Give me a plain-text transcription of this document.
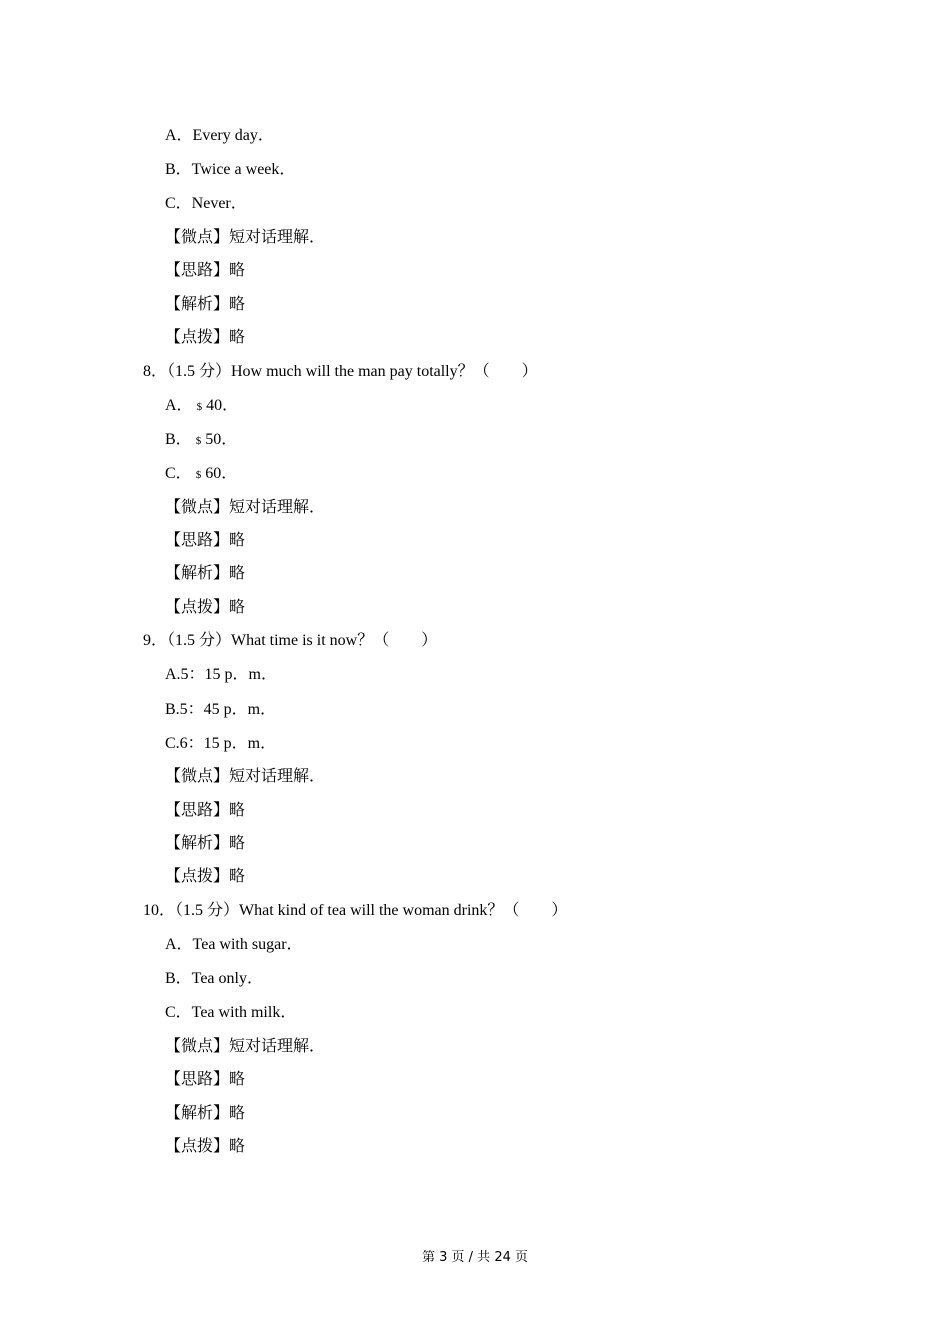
A．Every day．
B．Twice a week．
C．Never．
【微点】短对话理解．
【思路】略
【解析】略
【点拨】略
8．（1.5 分）How much will the man pay totally？（　　）
A． $ 40．
B． $ 50．
C． $ 60．
【微点】短对话理解．
【思路】略
【解析】略
【点拨】略
9．（1.5 分）What time is it now？（　　）
A.5：15 p．m．
B.5：45 p．m．
C.6：15 p．m．
【微点】短对话理解．
【思路】略
【解析】略
【点拨】略
10．（1.5 分）What kind of tea will the woman drink？（　　）
A．Tea with sugar．
B．Tea only．
C．Tea with milk．
【微点】短对话理解．
【思路】略
【解析】略
【点拨】略
第 3 页 / 共 24 页
